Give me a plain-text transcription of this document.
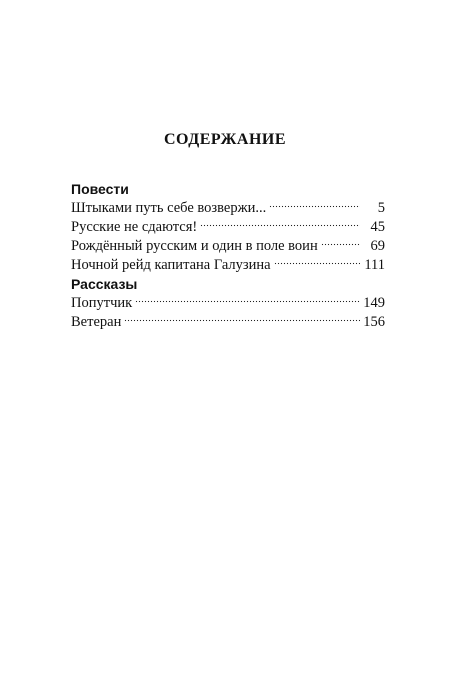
СОДЕРЖАНИЕ
Повести
Штыками путь себе возвержи...	5
Русские не сдаются!	45
Рождённый русским и один в поле воин	69
Ночной рейд капитана Галузина	111
Рассказы
Попутчик	149
Ветеран	156
